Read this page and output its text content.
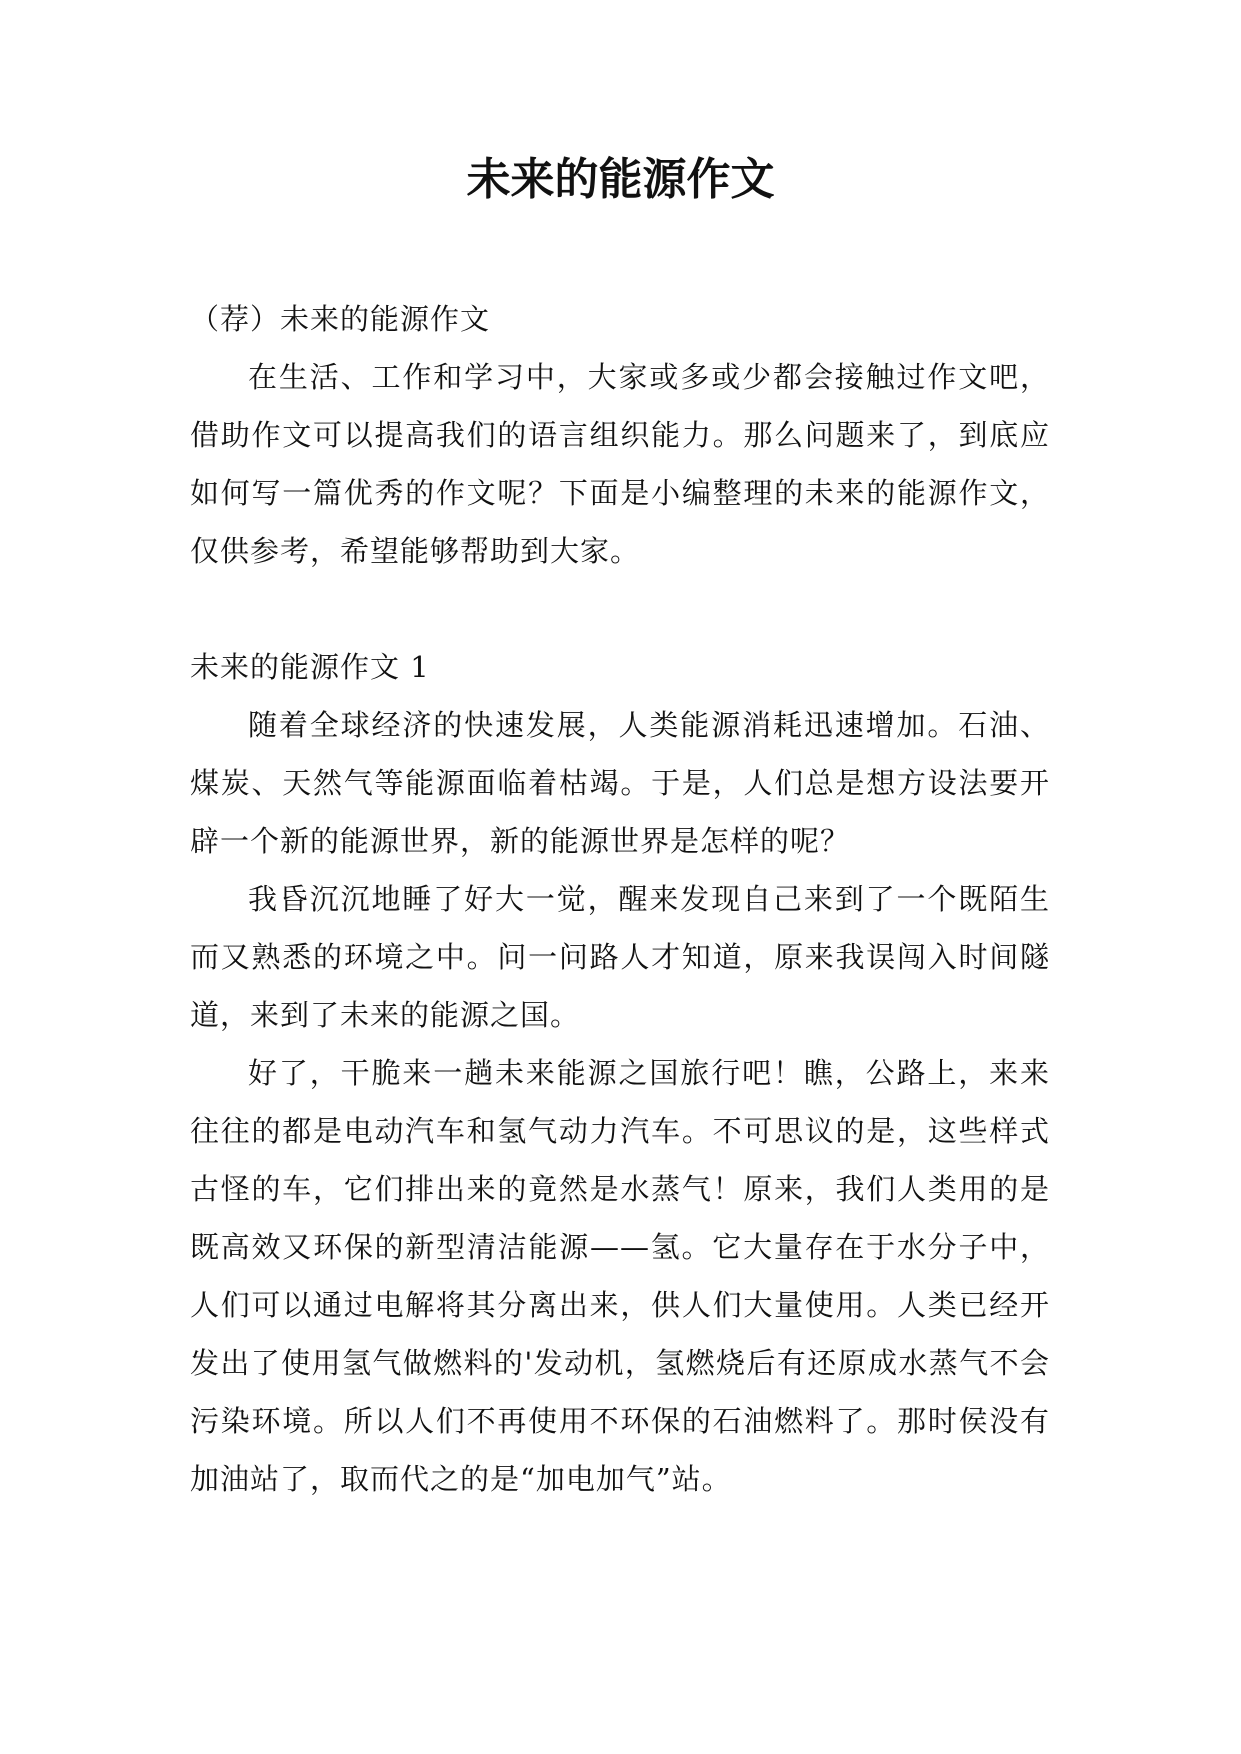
未来的能源作文

（荐）未来的能源作文

在生活、工作和学习中，大家或多或少都会接触过作文吧，借助作文可以提高我们的语言组织能力。那么问题来了，到底应如何写一篇优秀的作文呢？下面是小编整理的未来的能源作文，仅供参考，希望能够帮助到大家。

未来的能源作文 1

随着全球经济的快速发展，人类能源消耗迅速增加。石油、煤炭、天然气等能源面临着枯竭。于是，人们总是想方设法要开辟一个新的能源世界，新的能源世界是怎样的呢？

我昏沉沉地睡了好大一觉，醒来发现自己来到了一个既陌生而又熟悉的环境之中。问一问路人才知道，原来我误闯入时间隧道，来到了未来的能源之国。

好了，干脆来一趟未来能源之国旅行吧！瞧，公路上，来来往往的都是电动汽车和氢气动力汽车。不可思议的是，这些样式古怪的车，它们排出来的竟然是水蒸气！原来，我们人类用的是既高效又环保的新型清洁能源——氢。它大量存在于水分子中，人们可以通过电解将其分离出来，供人们大量使用。人类已经开发出了使用氢气做燃料的'发动机，氢燃烧后有还原成水蒸气不会污染环境。所以人们不再使用不环保的石油燃料了。那时侯没有加油站了，取而代之的是“加电加气”站。
